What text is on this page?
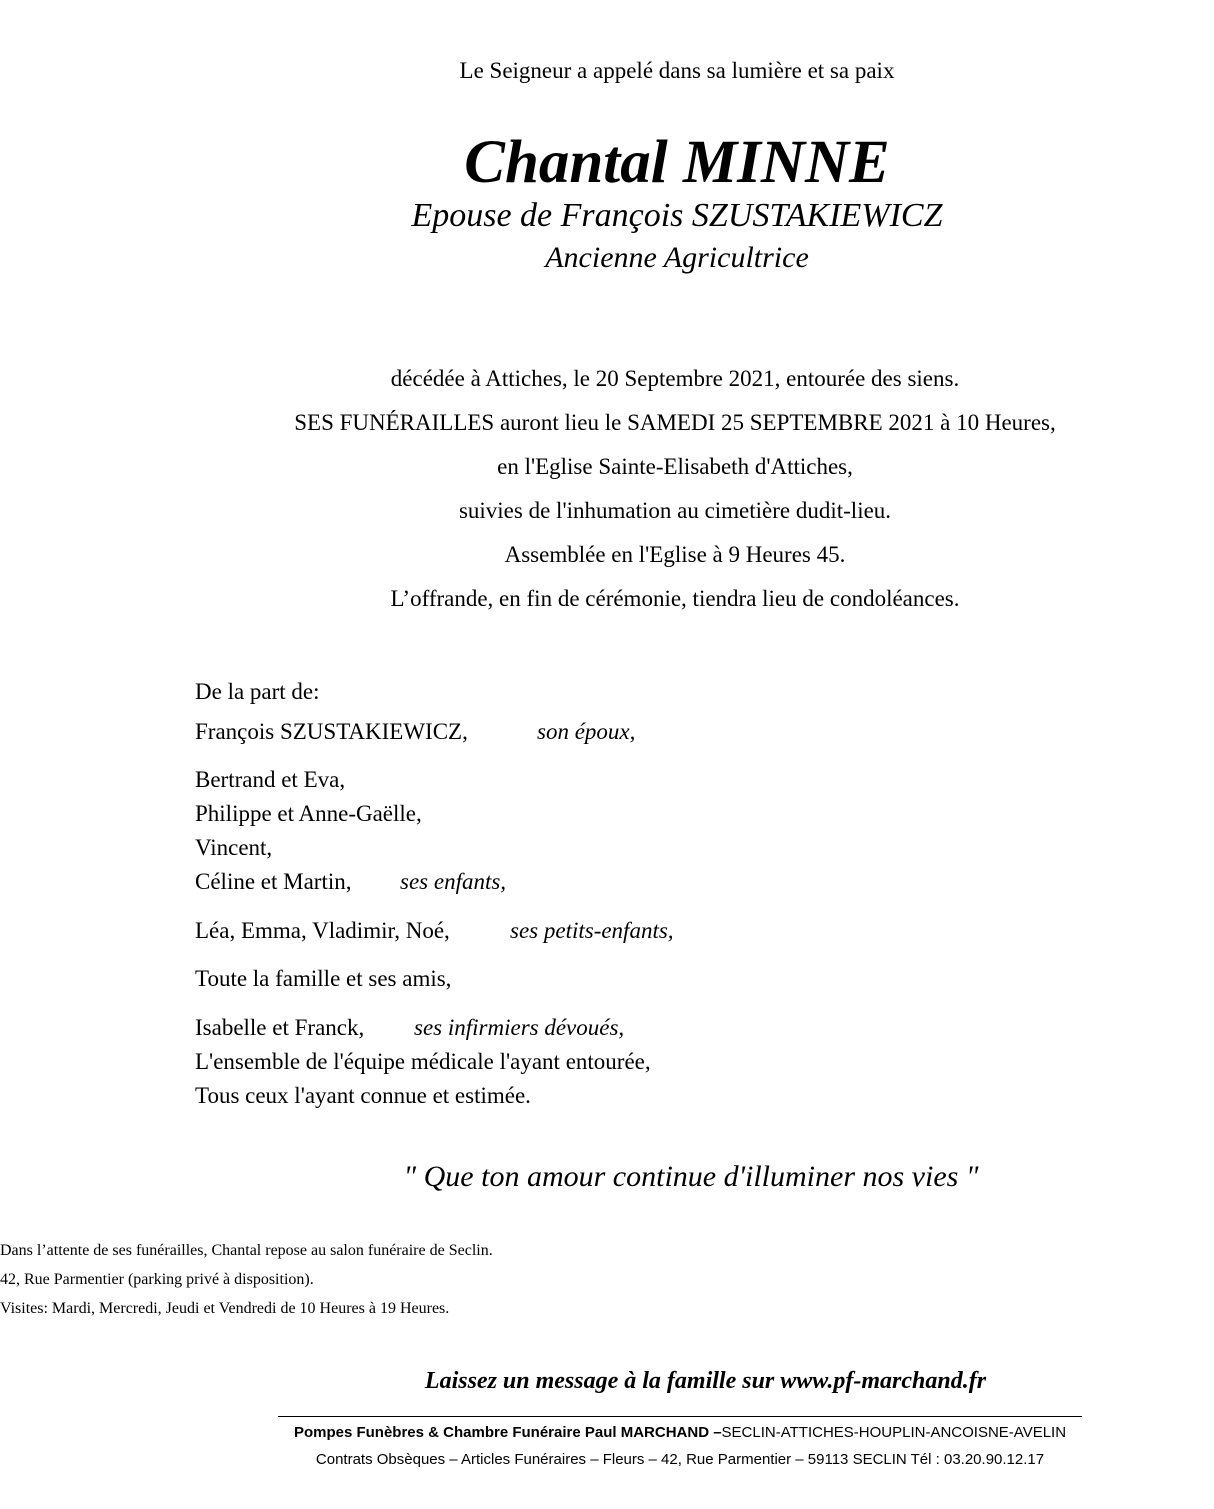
Le Seigneur a appelé dans sa lumière et sa paix
Chantal MINNE
Epouse de François SZUSTAKIEWICZ
Ancienne Agricultrice
décédée à Attiches, le 20 Septembre 2021, entourée des siens.
SES FUNÉRAILLES auront lieu le SAMEDI 25 SEPTEMBRE 2021 à 10 Heures,
en l'Eglise Sainte-Elisabeth d'Attiches,
suivies de l'inhumation au cimetière dudit-lieu.
Assemblée en l'Eglise à 9 Heures 45.
L’offrande, en fin de cérémonie, tiendra lieu de condoléances.
De la part de:
François SZUSTAKIEWICZ,	son époux,
Bertrand et Eva,
Philippe et Anne-Gaëlle,
Vincent,
Céline et Martin, ses enfants,
Léa, Emma, Vladimir, Noé,	ses petits-enfants,
Toute la famille et ses amis,
Isabelle et Franck, ses infirmiers dévoués,
L'ensemble de l'équipe médicale l'ayant entourée,
Tous ceux l'ayant connue et estimée.
" Que ton amour continue d'illuminer nos vies "
Dans l’attente de ses funérailles, Chantal repose au salon funéraire de Seclin.
42, Rue Parmentier (parking privé à disposition).
Visites: Mardi, Mercredi, Jeudi et Vendredi de 10 Heures à 19 Heures.
Laissez un message à la famille sur www.pf-marchand.fr
Pompes Funèbres & Chambre Funéraire Paul MARCHAND –SECLIN-ATTICHES-HOUPLIN-ANCOISNE-AVELIN
Contrats Obsèques – Articles Funéraires – Fleurs – 42, Rue Parmentier – 59113 SECLIN Tél : 03.20.90.12.17
